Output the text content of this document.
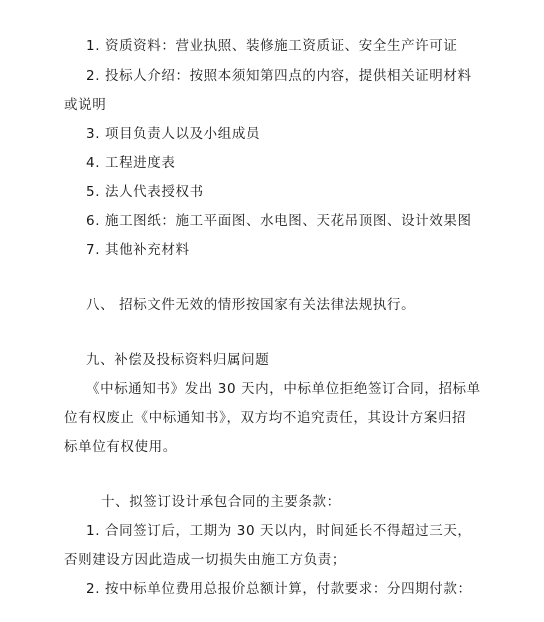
1. 资质资料：营业执照、装修施工资质证、安全生产许可证
2. 投标人介绍：按照本须知第四点的内容，提供相关证明材料
或说明
3. 项目负责人以及小组成员
4. 工程进度表
5. 法人代表授权书
6. 施工图纸：施工平面图、水电图、天花吊顶图、设计效果图
7. 其他补充材料
八、 招标文件无效的情形按国家有关法律法规执行。
九、补偿及投标资料归属问题
《中标通知书》发出 30 天内，中标单位拒绝签订合同，招标单
位有权废止《中标通知书》，双方均不追究责任，其设计方案归招
标单位有权使用。
十、拟签订设计承包合同的主要条款：
1. 合同签订后，工期为 30 天以内，时间延长不得超过三天，
否则建设方因此造成一切损失由施工方负责；
2. 按中标单位费用总报价总额计算，付款要求：分四期付款：
